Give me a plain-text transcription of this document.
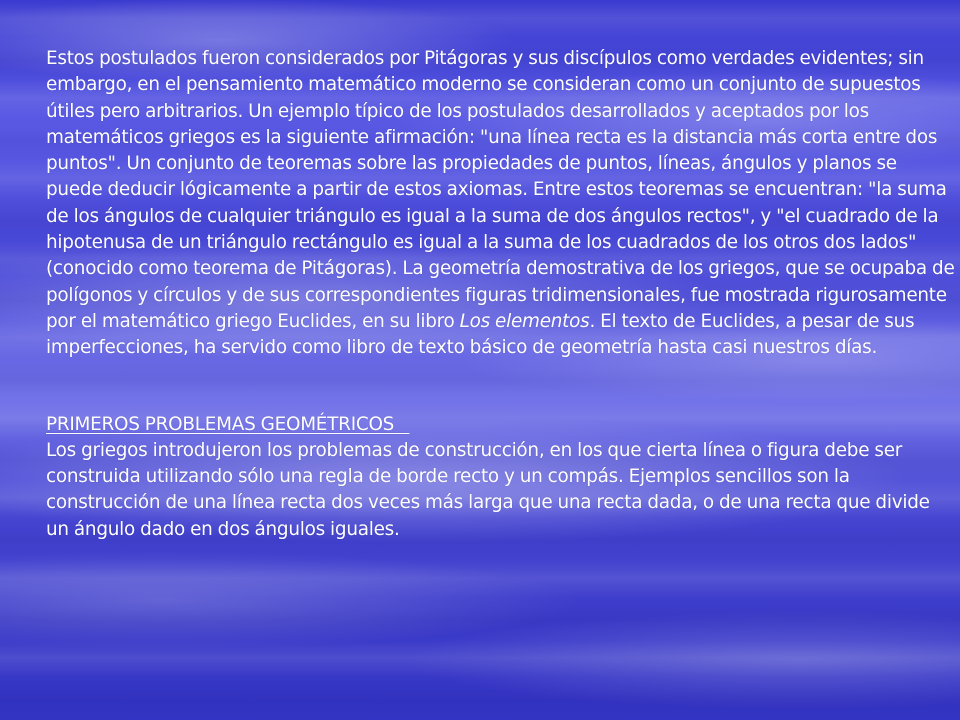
Estos postulados fueron considerados por Pitágoras y sus discípulos como verdades evidentes; sin embargo, en el pensamiento matemático moderno se consideran como un conjunto de supuestos útiles pero arbitrarios. Un ejemplo típico de los postulados desarrollados y aceptados por los matemáticos griegos es la siguiente afirmación: "una línea recta es la distancia más corta entre dos puntos". Un conjunto de teoremas sobre las propiedades de puntos, líneas, ángulos y planos se puede deducir lógicamente a partir de estos axiomas. Entre estos teoremas se encuentran: "la suma de los ángulos de cualquier triángulo es igual a la suma de dos ángulos rectos", y "el cuadrado de la hipotenusa de un triángulo rectángulo es igual a la suma de los cuadrados de los otros dos lados" (conocido como teorema de Pitágoras). La geometría demostrativa de los griegos, que se ocupaba de polígonos y círculos y de sus correspondientes figuras tridimensionales, fue mostrada rigurosamente por el matemático griego Euclides, en su libro Los elementos. El texto de Euclides, a pesar de sus imperfecciones, ha servido como libro de texto básico de geometría hasta casi nuestros días.

PRIMEROS PROBLEMAS GEOMÉTRICOS

Los griegos introdujeron los problemas de construcción, en los que cierta línea o figura debe ser construida utilizando sólo una regla de borde recto y un compás. Ejemplos sencillos son la construcción de una línea recta dos veces más larga que una recta dada, o de una recta que divide un ángulo dado en dos ángulos iguales.
